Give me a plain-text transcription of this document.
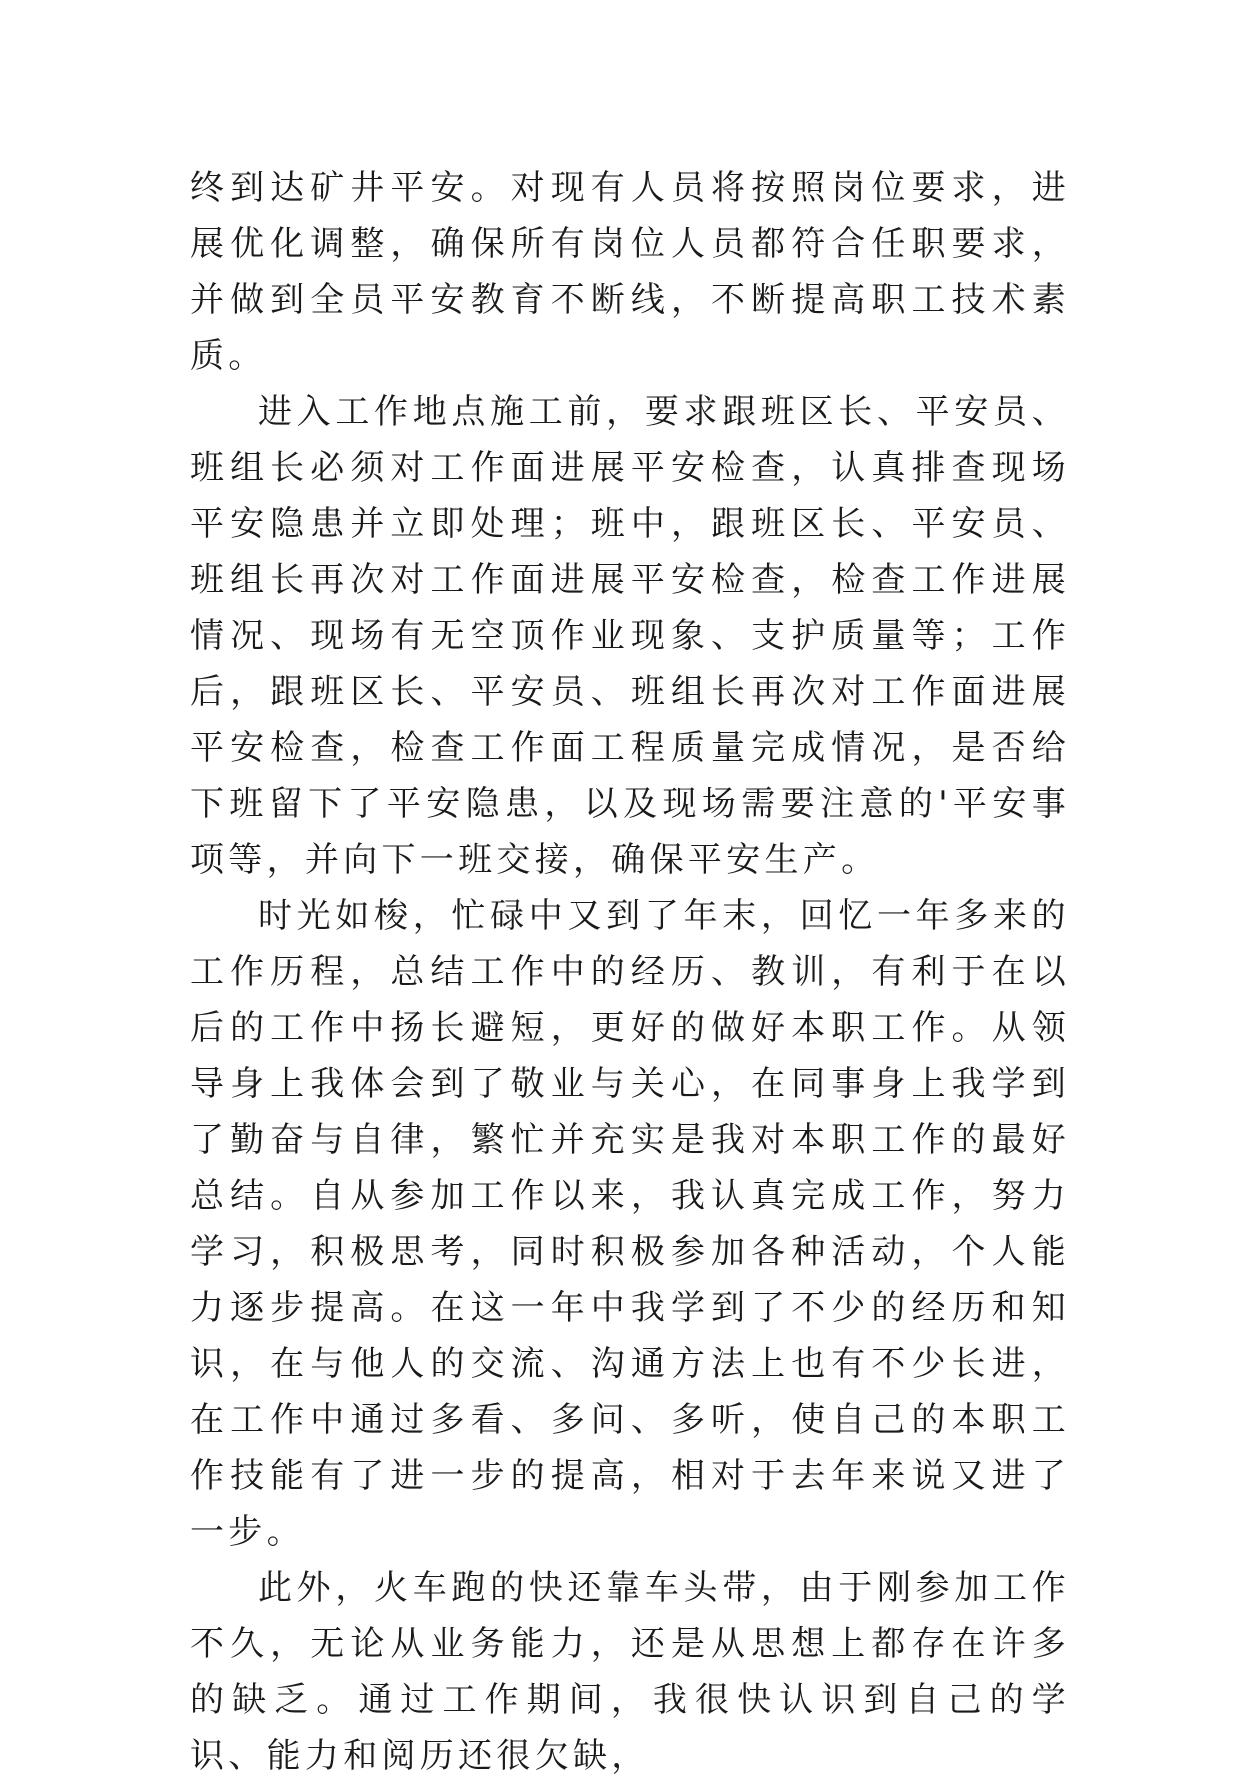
终到达矿井平安。对现有人员将按照岗位要求，进展优化调整，确保所有岗位人员都符合任职要求，并做到全员平安教育不断线，不断提高职工技术素质。

进入工作地点施工前，要求跟班区长、平安员、班组长必须对工作面进展平安检查，认真排查现场平安隐患并立即处理；班中，跟班区长、平安员、班组长再次对工作面进展平安检查，检查工作进展情况、现场有无空顶作业现象、支护质量等；工作后，跟班区长、平安员、班组长再次对工作面进展平安检查，检查工作面工程质量完成情况，是否给下班留下了平安隐患，以及现场需要注意的'平安事项等，并向下一班交接，确保平安生产。

时光如梭，忙碌中又到了年末，回忆一年多来的工作历程，总结工作中的经历、教训，有利于在以后的工作中扬长避短，更好的做好本职工作。从领导身上我体会到了敬业与关心，在同事身上我学到了勤奋与自律，繁忙并充实是我对本职工作的最好总结。自从参加工作以来，我认真完成工作，努力学习，积极思考，同时积极参加各种活动，个人能力逐步提高。在这一年中我学到了不少的经历和知识，在与他人的交流、沟通方法上也有不少长进，在工作中通过多看、多问、多听，使自己的本职工作技能有了进一步的提高，相对于去年来说又进了一步。

此外，火车跑的快还靠车头带，由于刚参加工作不久，无论从业务能力，还是从思想上都存在许多的缺乏。通过工作期间，我很快认识到自己的学识、能力和阅历还很欠缺，
